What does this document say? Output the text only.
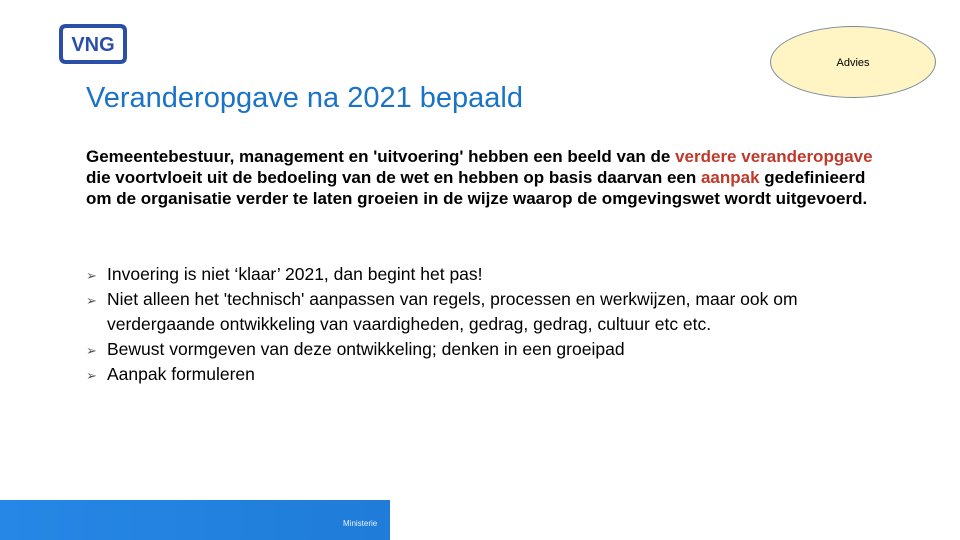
VNG
Advies
Veranderopgave na 2021 bepaald

Gemeentebestuur, management en 'uitvoering' hebben een beeld van de verdere veranderopgave die voortvloeit uit de bedoeling van de wet en hebben op basis daarvan een aanpak gedefinieerd om de organisatie verder te laten groeien in de wijze waarop de omgevingswet wordt uitgevoerd.

➢ Invoering is niet ‘klaar’ 2021, dan begint het pas!
➢ Niet alleen het 'technisch' aanpassen van regels, processen en werkwijzen, maar ook om verdergaande ontwikkeling van vaardigheden, gedrag, gedrag, cultuur etc etc.
➢ Bewust vormgeven van deze ontwikkeling; denken in een groeipad
➢ Aanpak formuleren
Ministerie
